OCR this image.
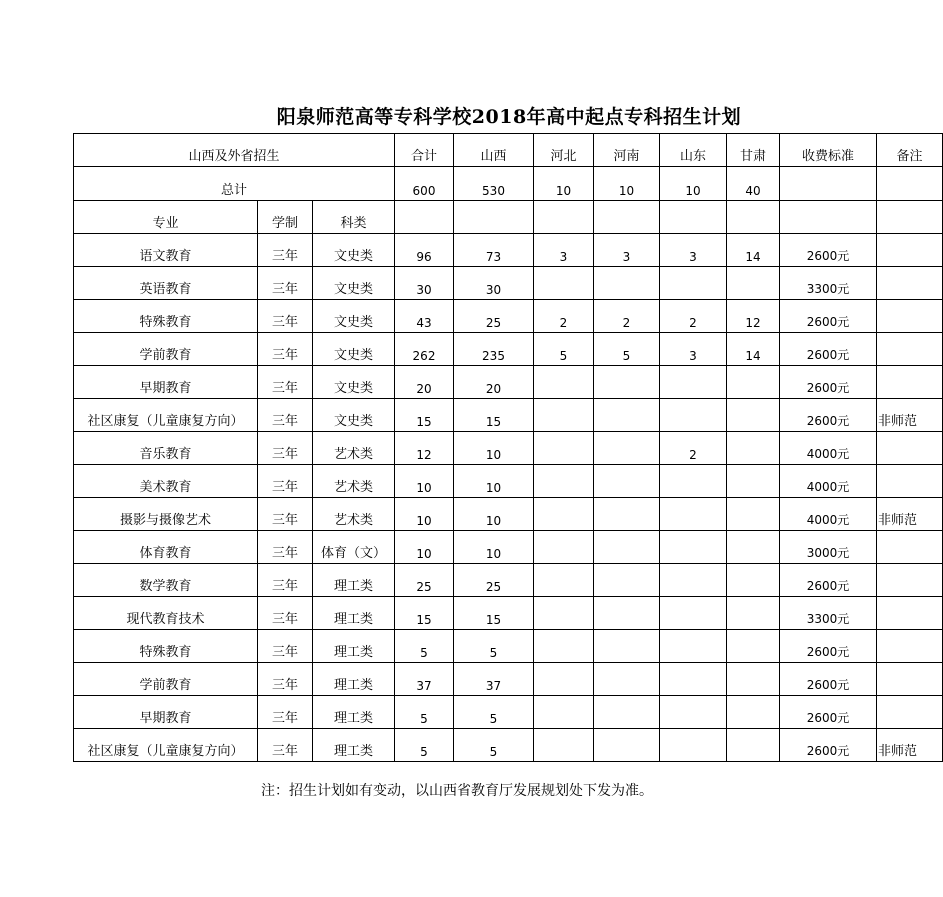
阳泉师范高等专科学校2018年高中起点专科招生计划
山西及外省招生			合计	山西	河北	河南	山东	甘肃	收费标准	备注
总计			600	530	10	10	10	40		
专业	学制	科类								
语文教育	三年	文史类	96	73	3	3	3	14	2600元	
英语教育	三年	文史类	30	30					3300元	
特殊教育	三年	文史类	43	25	2	2	2	12	2600元	
学前教育	三年	文史类	262	235	5	5	3	14	2600元	
早期教育	三年	文史类	20	20					2600元	
社区康复（儿童康复方向）	三年	文史类	15	15					2600元	非师范
音乐教育	三年	艺术类	12	10			2		4000元	
美术教育	三年	艺术类	10	10					4000元	
摄影与摄像艺术	三年	艺术类	10	10					4000元	非师范
体育教育	三年	体育（文）	10	10					3000元	
数学教育	三年	理工类	25	25					2600元	
现代教育技术	三年	理工类	15	15					3300元	
特殊教育	三年	理工类	5	5					2600元	
学前教育	三年	理工类	37	37					2600元	
早期教育	三年	理工类	5	5					2600元	
社区康复（儿童康复方向）	三年	理工类	5	5					2600元	非师范
注：招生计划如有变动，以山西省教育厅发展规划处下发为准。
